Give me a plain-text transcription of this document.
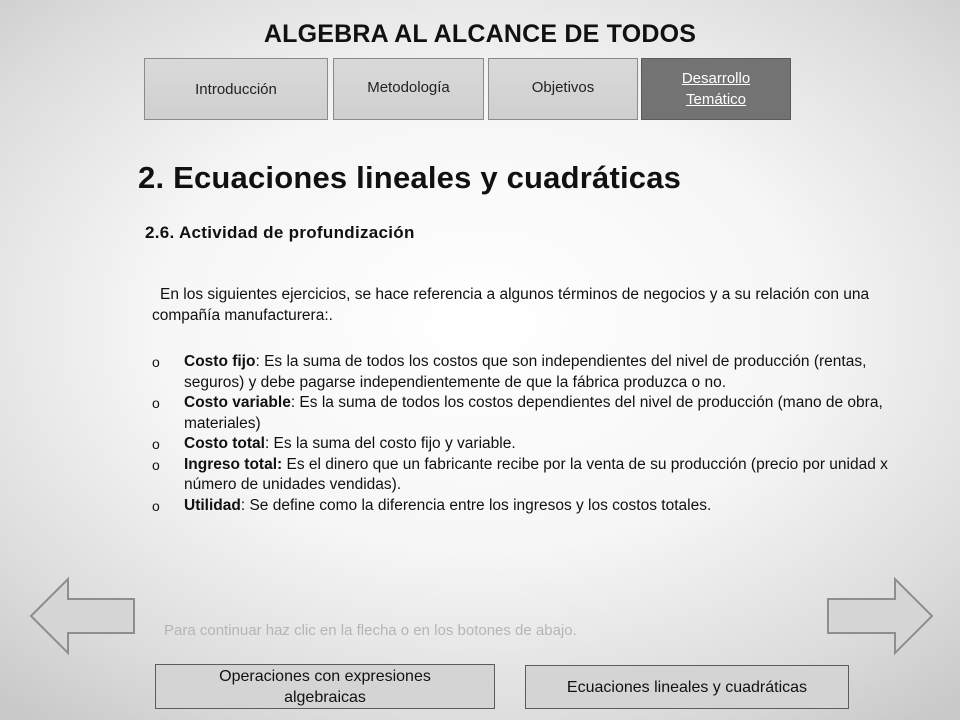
ALGEBRA AL ALCANCE DE TODOS
Introducción	Metodología	Objetivos	Desarrollo
Temático
2. Ecuaciones lineales y cuadráticas
2.6. Actividad de profundización
En los siguientes ejercicios, se hace referencia a algunos términos de negocios y a su relación con una compañía manufacturera:.
o Costo fijo: Es la suma de todos los costos que son independientes del nivel de producción (rentas, seguros) y debe pagarse independientemente de que la fábrica produzca o no.
o Costo variable: Es la suma de todos los costos dependientes del nivel de producción (mano de obra, materiales)
o Costo total: Es la suma del costo fijo y variable.
o Ingreso total: Es el dinero que un fabricante recibe por la venta de su producción (precio por unidad x número de unidades vendidas).
o Utilidad: Se define como la diferencia entre los ingresos y los costos totales.
Para continuar haz clic en la flecha o en los botones de abajo.
Operaciones con expresiones
algebraicas
Ecuaciones lineales y cuadráticas
